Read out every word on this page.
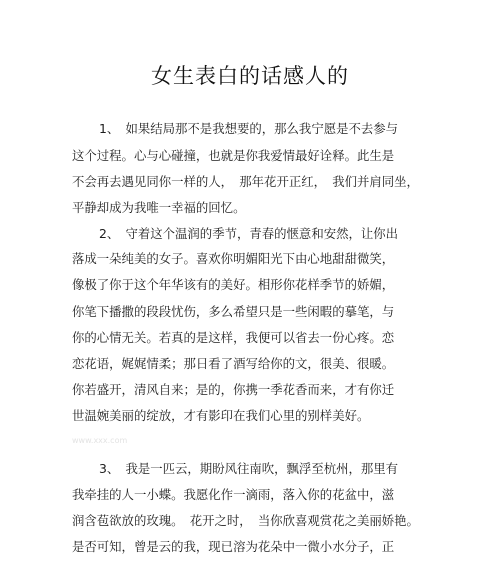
女生表白的话感人的
1、　如果结局那不是我想要的，那么我宁愿是不去参与
这个过程。心与心碰撞，也就是你我爱情最好诠释。此生是
不会再去遇见同你一样的人，　那年花开正红，　我们并肩同坐，
平静却成为我唯一幸福的回忆。
2、　守着这个温润的季节，青春的惬意和安然，让你出
落成一朵纯美的女子。喜欢你明媚阳光下由心地甜甜微笑，
像极了你于这个年华该有的美好。相形你花样季节的娇媚，
你笔下播撒的段段忧伤，多么希望只是一些闲暇的摹笔，与
你的心情无关。若真的是这样，我便可以省去一份心疼。恋
恋花语，娓娓情柔；那日看了酒写给你的文，很美、很暖。
你若盛开，清风自来；是的，你携一季花香而来，才有你迁
世温婉美丽的绽放，才有影印在我们心里的别样美好。
www.xxx.com
3、　我是一匹云，期盼风往南吹，飘浮至杭州，那里有
我牵挂的人一小蝶。我愿化作一滴雨，落入你的花盆中，滋
润含苞欲放的玫瑰。　花开之时，　当你欣喜观赏花之美丽娇艳。
是否可知，曾是云的我，现已溶为花朵中一微小水分子，正
